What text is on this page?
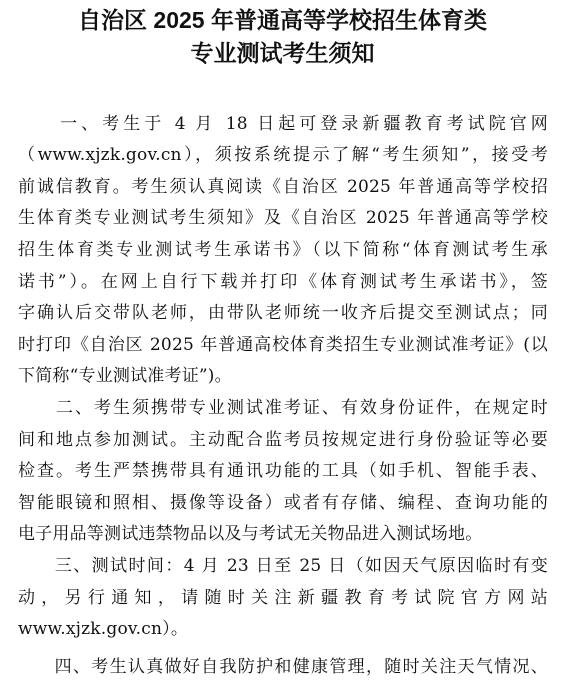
自治区 2025 年普通高等学校招生体育类
专业测试考生须知
　　一、考生于 4 月 18 日起可登录新疆教育考试院官网
（www.xjzk.gov.cn），须按系统提示了解“考生须知”，接受考
前诚信教育。考生须认真阅读《自治区 2025 年普通高等学校招
生体育类专业测试考生须知》及《自治区 2025 年普通高等学校
招生体育类专业测试考生承诺书》（以下简称“体育测试考生承
诺书”）。在网上自行下载并打印《体育测试考生承诺书》，签
字确认后交带队老师，由带队老师统一收齐后提交至测试点；同
时打印《自治区 2025 年普通高校体育类招生专业测试准考证》(以
下简称“专业测试准考证”)。
　　二、考生须携带专业测试准考证、有效身份证件，在规定时
间和地点参加测试。主动配合监考员按规定进行身份验证等必要
检查。考生严禁携带具有通讯功能的工具（如手机、智能手表、
智能眼镜和照相、摄像等设备）或者有存储、编程、查询功能的
电子用品等测试违禁物品以及与考试无关物品进入测试场地。
　　三、测试时间：4 月 23 日至 25 日（如因天气原因临时有变
动，另行通知，请随时关注新疆教育考试院官方网站
www.xjzk.gov.cn）。
　　四、考生认真做好自我防护和健康管理，随时关注天气情况、
